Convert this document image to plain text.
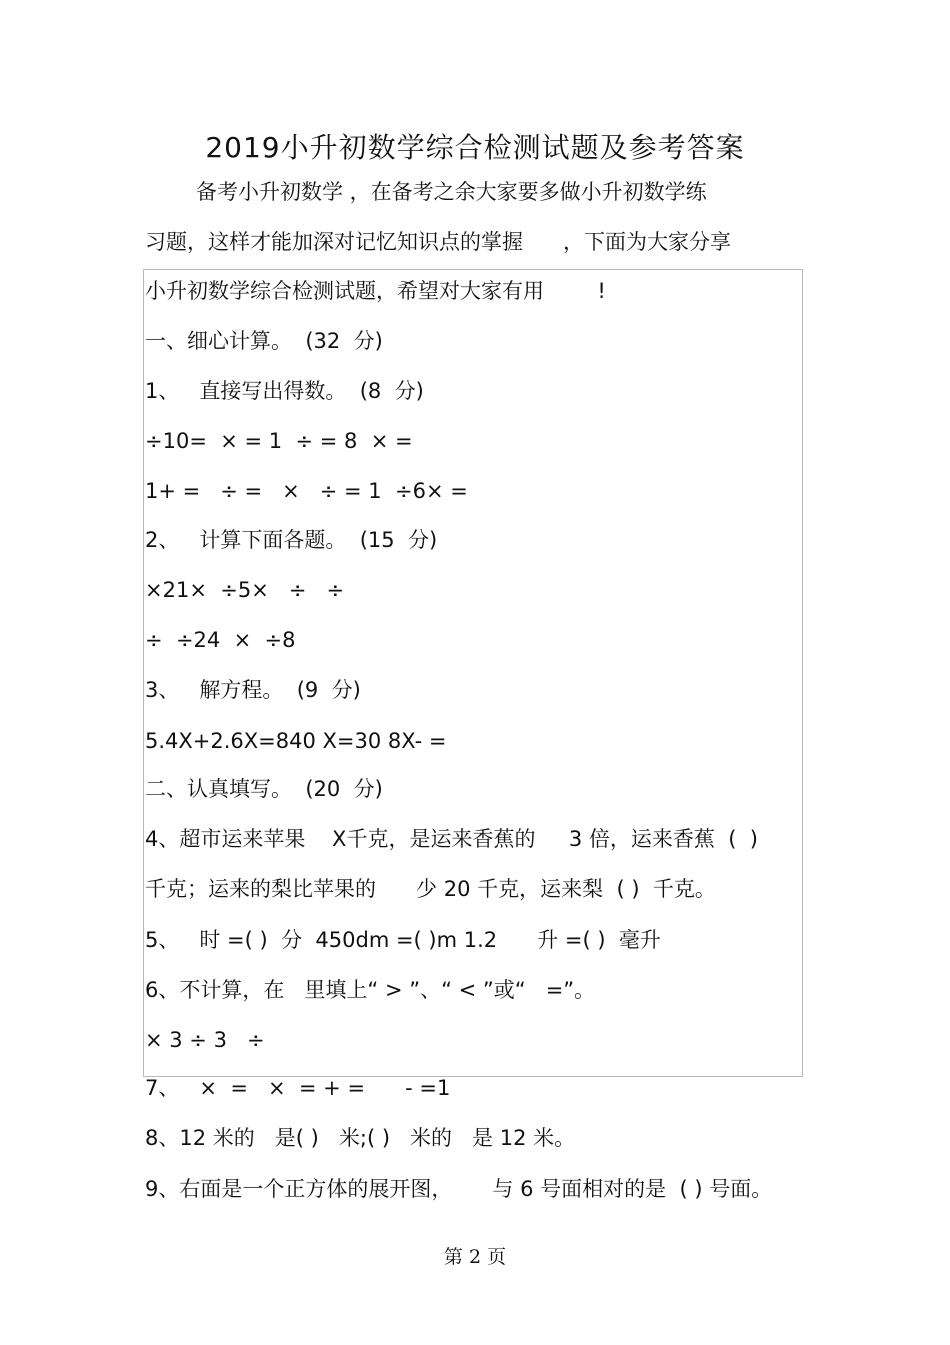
2019小升初数学综合检测试题及参考答案
备考小升初数学 ，在备考之余大家要多做小升初数学练
习题，这样才能加深对记忆知识点的掌握      ，下面为大家分享
小升初数学综合检测试题，希望对大家有用        !
一、细心计算。  (32  分)
1、   直接写出得数。  (8  分)
÷10=  × = 1  ÷ = 8  × =
1+ =   ÷ =   ×   ÷ = 1  ÷6× =
2、   计算下面各题。  (15  分)
×21×  ÷5×   ÷   ÷
÷  ÷24  ×  ÷8
3、   解方程。  (9  分)
5.4X+2.6X=840 X=30 8X- =
二、认真填写。  (20  分)
4、超市运来苹果    X千克，是运来香蕉的     3 倍，运来香蕉  (  )
千克；运来的梨比苹果的      少 20 千克，运来梨  ( )  千克。
5、   时 =( )  分  450dm =( )m 1.2      升 =( )  毫升
6、不计算，在   里填上“ > ”、“ < ”或“   =”。
× 3 ÷ 3   ÷
7、   ×  =   ×  = + =      - =1
8、12 米的   是( )   米;( )   米的   是 12 米。
9、右面是一个正方体的展开图，      与 6 号面相对的是  ( ) 号面。
第 2 页
